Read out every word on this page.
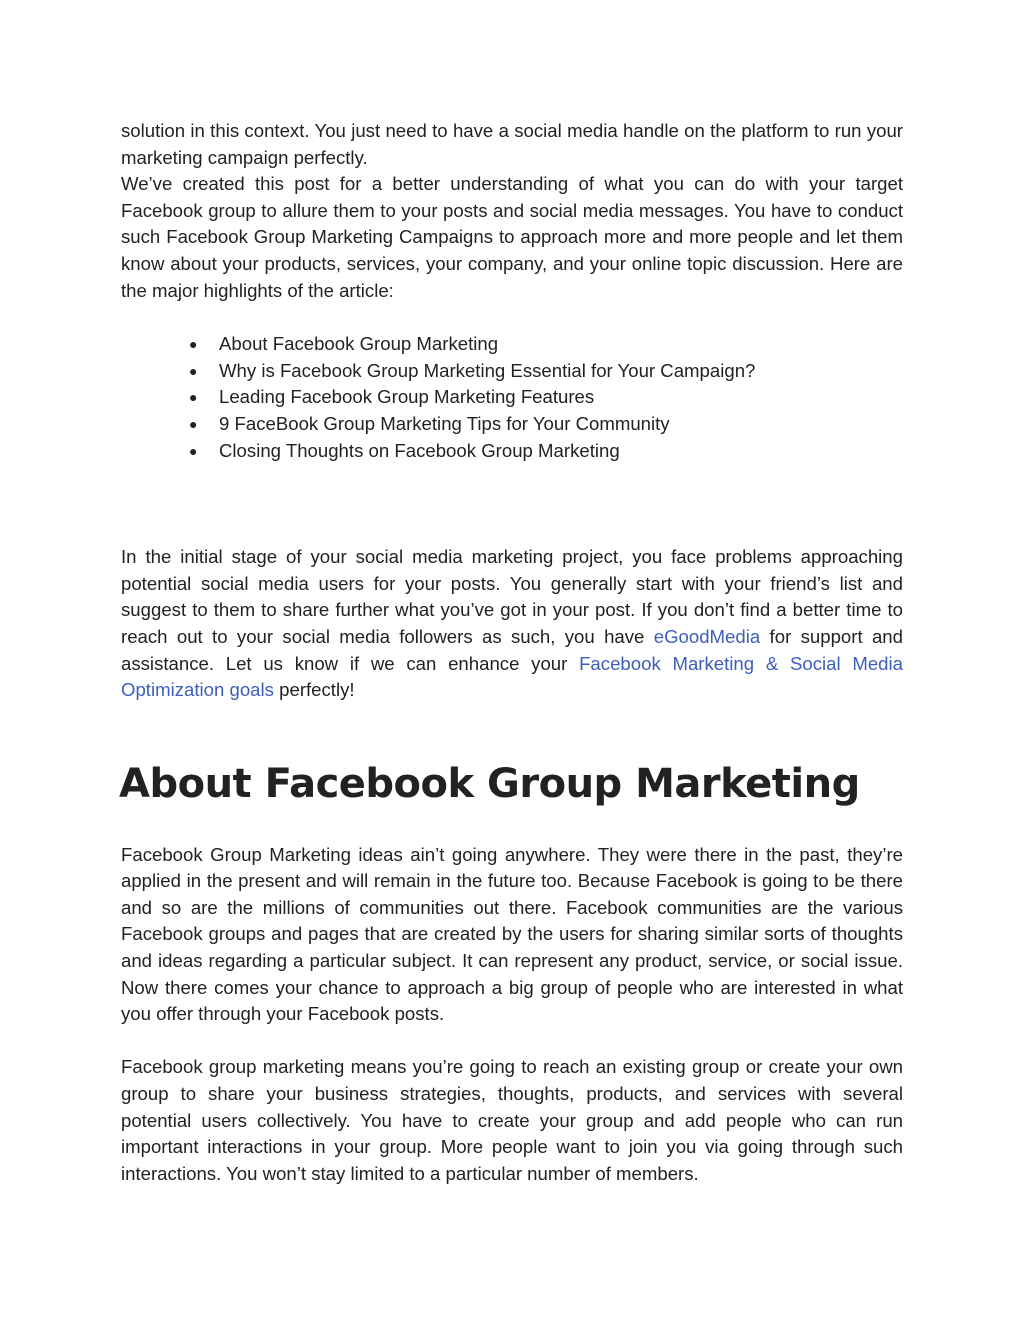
solution in this context. You just need to have a social media handle on the platform to run your marketing campaign perfectly.

We’ve created this post for a better understanding of what you can do with your target Facebook group to allure them to your posts and social media messages. You have to conduct such Facebook Group Marketing Campaigns to approach more and more people and let them know about your products, services, your company, and your online topic discussion. Here are the major highlights of the article:

● About Facebook Group Marketing
● Why is Facebook Group Marketing Essential for Your Campaign?
● Leading Facebook Group Marketing Features
● 9 FaceBook Group Marketing Tips for Your Community
● Closing Thoughts on Facebook Group Marketing

In the initial stage of your social media marketing project, you face problems approaching potential social media users for your posts. You generally start with your friend’s list and suggest to them to share further what you’ve got in your post. If you don’t find a better time to reach out to your social media followers as such, you have eGoodMedia for support and assistance. Let us know if we can enhance your Facebook Marketing & Social Media Optimization goals perfectly!

About Facebook Group Marketing

Facebook Group Marketing ideas ain’t going anywhere. They were there in the past, they’re applied in the present and will remain in the future too. Because Facebook is going to be there and so are the millions of communities out there. Facebook communities are the various Facebook groups and pages that are created by the users for sharing similar sorts of thoughts and ideas regarding a particular subject. It can represent any product, service, or social issue. Now there comes your chance to approach a big group of people who are interested in what you offer through your Facebook posts.

Facebook group marketing means you’re going to reach an existing group or create your own group to share your business strategies, thoughts, products, and services with several potential users collectively. You have to create your group and add people who can run important interactions in your group. More people want to join you via going through such interactions. You won’t stay limited to a particular number of members.
